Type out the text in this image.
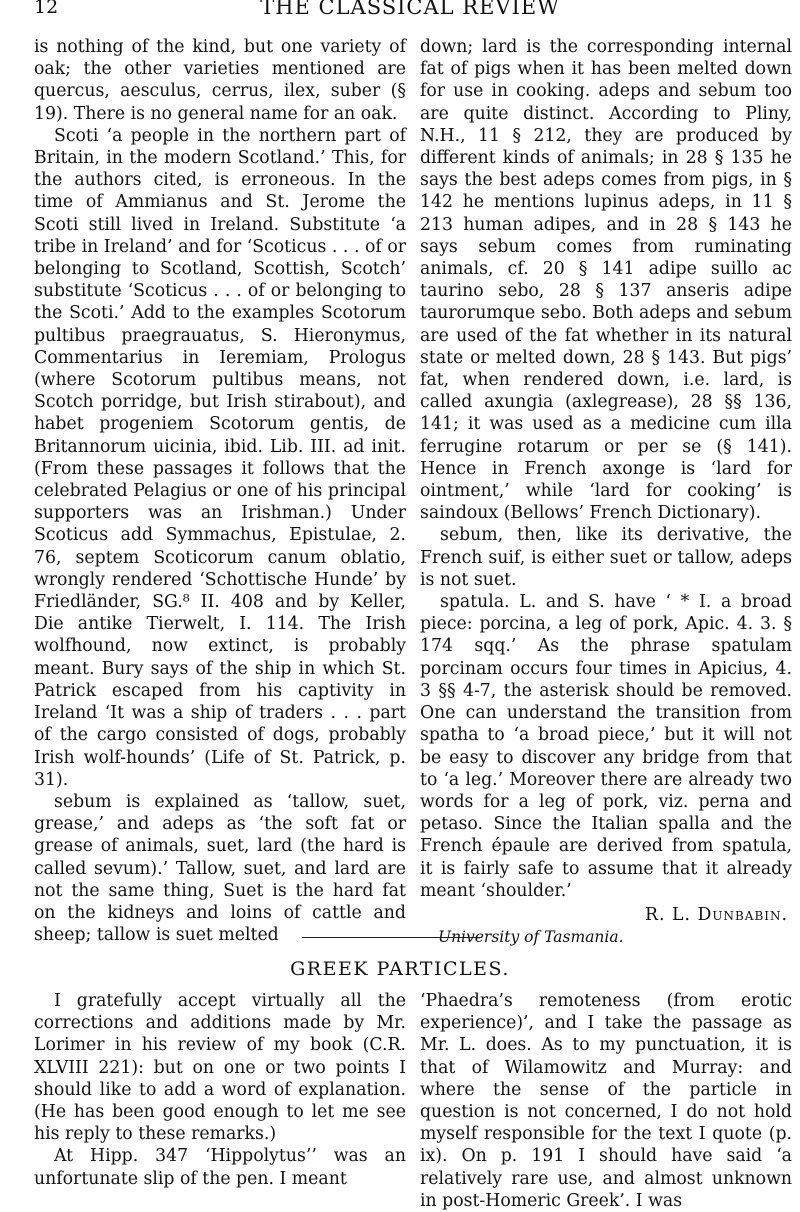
12	THE CLASSICAL REVIEW

is nothing of the kind, but one variety of oak; the other varieties mentioned are quercus, aesculus, cerrus, ilex, suber (§ 19). There is no general name for an oak.

Scoti ‘a people in the northern part of Britain, in the modern Scotland.’ This, for the authors cited, is erroneous. In the time of Ammianus and St. Jerome the Scoti still lived in Ireland. Substitute ‘a tribe in Ireland’ and for ‘Scoticus . . . of or belonging to Scotland, Scottish, Scotch’ substitute ‘Scoticus . . . of or belonging to the Scoti.’ Add to the examples Scotorum pultibus praegrauatus, S. Hieronymus, Commentarius in Ieremiam, Prologus (where Scotorum pultibus means, not Scotch porridge, but Irish stirabout), and habet progeniem Scotorum gentis, de Britannorum uicinia, ibid. Lib. III. ad init. (From these passages it follows that the celebrated Pelagius or one of his principal supporters was an Irishman.) Under Scoticus add Symmachus, Epistulae, 2. 76, septem Scoticorum canum oblatio, wrongly rendered ‘Schottische Hunde’ by Friedländer, SG.⁸ II. 408 and by Keller, Die antike Tierwelt, I. 114. The Irish wolfhound, now extinct, is probably meant. Bury says of the ship in which St. Patrick escaped from his captivity in Ireland ‘It was a ship of traders . . . part of the cargo consisted of dogs, probably Irish wolf-hounds’ (Life of St. Patrick, p. 31).

sebum is explained as ‘tallow, suet, grease,’ and adeps as ‘the soft fat or grease of animals, suet, lard (the hard is called sevum).’ Tallow, suet, and lard are not the same thing, Suet is the hard fat on the kidneys and loins of cattle and sheep; tallow is suet melted

down; lard is the corresponding internal fat of pigs when it has been melted down for use in cooking. adeps and sebum too are quite distinct. According to Pliny, N.H., 11 § 212, they are produced by different kinds of animals; in 28 § 135 he says the best adeps comes from pigs, in § 142 he mentions lupinus adeps, in 11 § 213 human adipes, and in 28 § 143 he says sebum comes from ruminating animals, cf. 20 § 141 adipe suillo ac taurino sebo, 28 § 137 anseris adipe taurorumque sebo. Both adeps and sebum are used of the fat whether in its natural state or melted down, 28 § 143. But pigs’ fat, when rendered down, i.e. lard, is called axungia (axlegrease), 28 §§ 136, 141; it was used as a medicine cum illa ferrugine rotarum or per se (§ 141). Hence in French axonge is ‘lard for ointment,’ while ‘lard for cooking’ is saindoux (Bellows’ French Dictionary).

sebum, then, like its derivative, the French suif, is either suet or tallow, adeps is not suet.

spatula. L. and S. have ‘ * I. a broad piece: porcina, a leg of pork, Apic. 4. 3. § 174 sqq.’ As the phrase spatulam porcinam occurs four times in Apicius, 4. 3 §§ 4-7, the asterisk should be removed. One can understand the transition from spatha to ‘a broad piece,’ but it will not be easy to discover any bridge from that to ‘a leg.’ Moreover there are already two words for a leg of pork, viz. perna and petaso. Since the Italian spalla and the French épaule are derived from spatula, it is fairly safe to assume that it already meant ‘shoulder.’

R. L. Dunbabin.
University of Tasmania.
GREEK PARTICLES.

I gratefully accept virtually all the corrections and additions made by Mr. Lorimer in his review of my book (C.R. XLVIII 221): but on one or two points I should like to add a word of explanation. (He has been good enough to let me see his reply to these remarks.)

At Hipp. 347 ‘Hippolytus’’ was an unfortunate slip of the pen. I meant

‘Phaedra’s remoteness (from erotic experience)’, and I take the passage as Mr. L. does. As to my punctuation, it is that of Wilamowitz and Murray: and where the sense of the particle in question is not concerned, I do not hold myself responsible for the text I quote (p. ix). On p. 191 I should have said ‘a relatively rare use, and almost unknown in post-Homeric Greek’. I was
